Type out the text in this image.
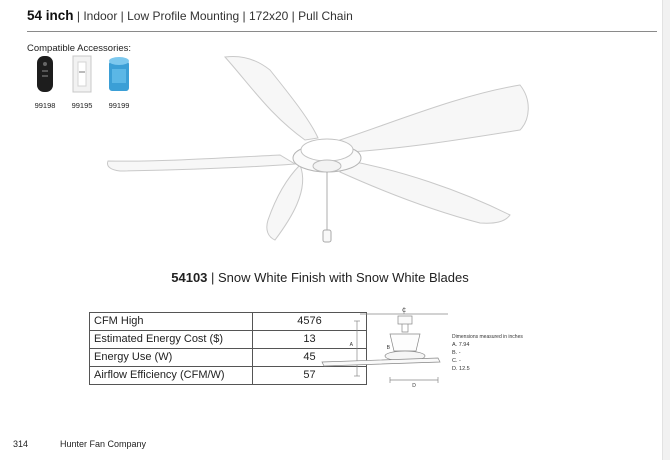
54 inch | Indoor | Low Profile Mounting | 172x20 | Pull Chain
Compatible Accessories:
99198	99195	99199
54103 | Snow White Finish with Snow White Blades
CFM High	4576
Estimated Energy Cost ($)	13
Energy Use (W)	45
Airflow Efficiency (CFM/W)	57
A	B
C
D
Dimensions measured in inches
A. 7.94
B. -
C. -
D. 12.5
314	Hunter Fan Company
